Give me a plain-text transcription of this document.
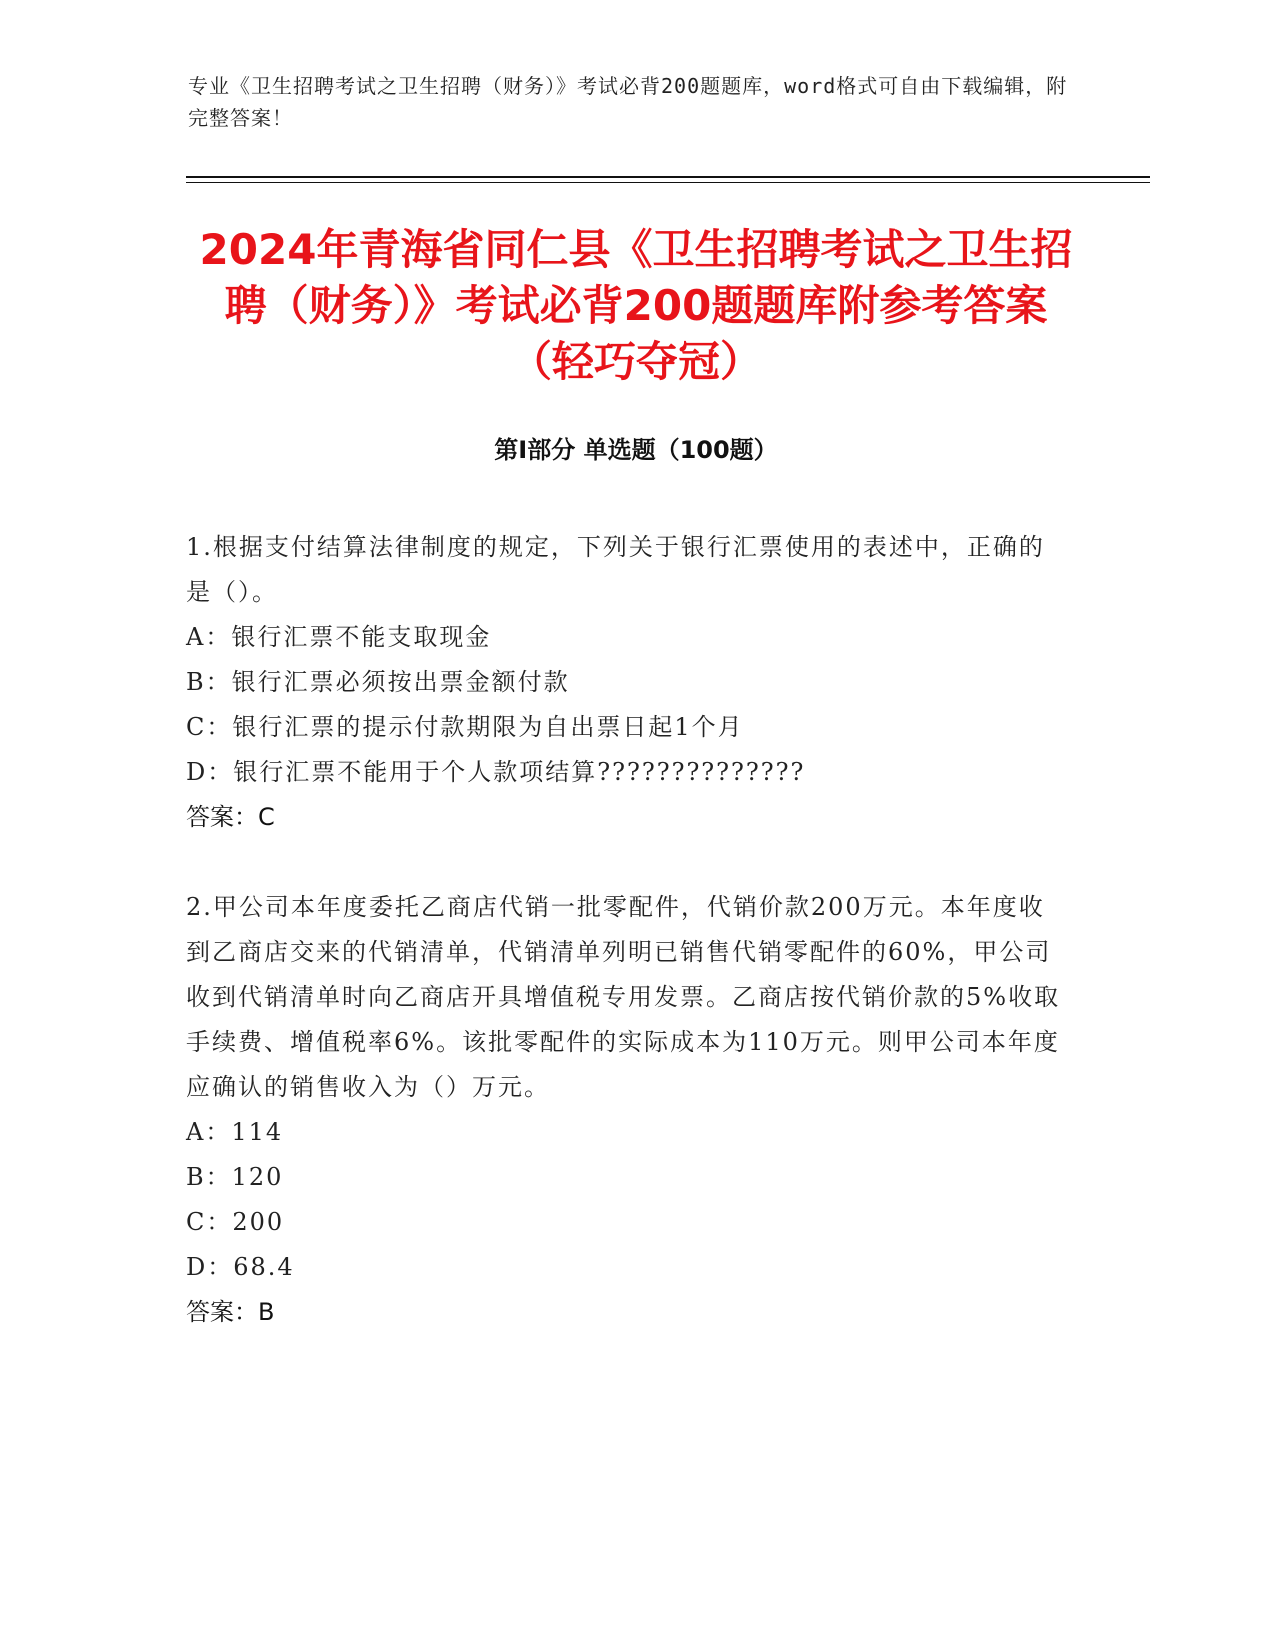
专业《卫生招聘考试之卫生招聘（财务）》考试必背200题题库，word格式可自由下载编辑，附完整答案！
2024年青海省同仁县《卫生招聘考试之卫生招聘（财务）》考试必背200题题库附参考答案（轻巧夺冠）
第Ⅰ部分 单选题（100题）
1.根据支付结算法律制度的规定，下列关于银行汇票使用的表述中，正确的是（）。
A：银行汇票不能支取现金
B：银行汇票必须按出票金额付款
C：银行汇票的提示付款期限为自出票日起1个月
D：银行汇票不能用于个人款项结算??????????????
答案：C
2.甲公司本年度委托乙商店代销一批零配件，代销价款200万元。本年度收到乙商店交来的代销清单，代销清单列明已销售代销零配件的60%，甲公司收到代销清单时向乙商店开具增值税专用发票。乙商店按代销价款的5%收取手续费、增值税率6%。该批零配件的实际成本为110万元。则甲公司本年度应确认的销售收入为（）万元。
A：114
B：120
C：200
D：68.4
答案：B
